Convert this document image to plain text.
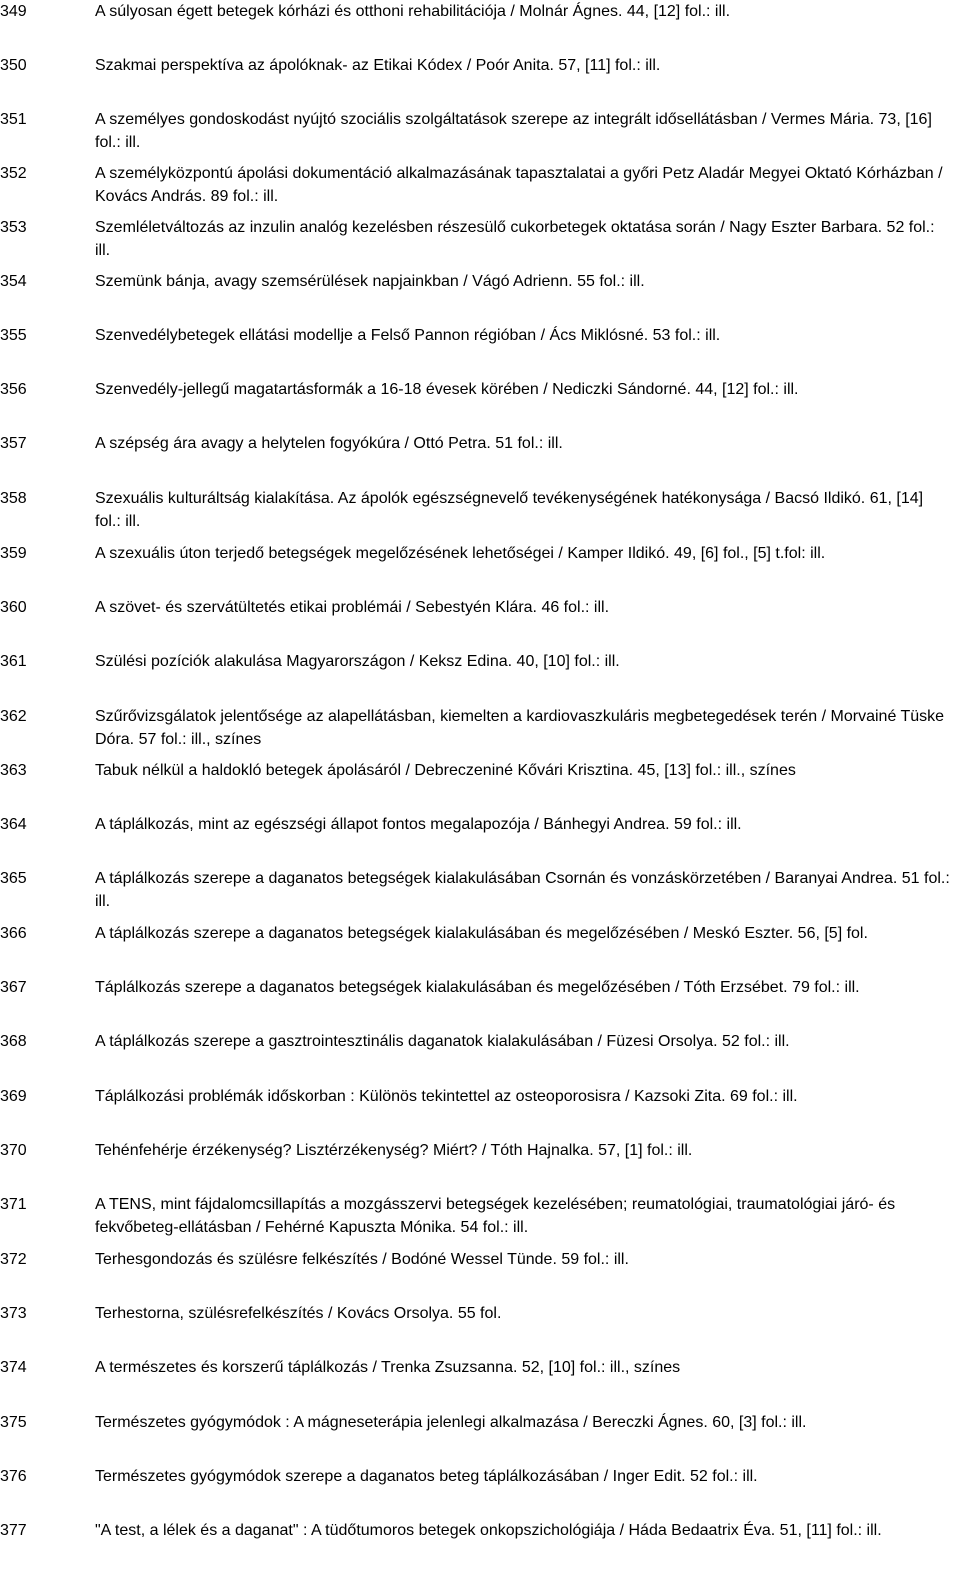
349	A súlyosan égett betegek kórházi és otthoni rehabilitációja / Molnár Ágnes. 44, [12] fol.: ill.
350	Szakmai perspektíva az ápolóknak- az Etikai Kódex / Poór Anita. 57, [11] fol.: ill.
351	A személyes gondoskodást nyújtó szociális szolgáltatások szerepe az integrált idősellátásban / Vermes Mária. 73, [16] fol.: ill.
352	A személyközpontú ápolási dokumentáció alkalmazásának tapasztalatai a győri Petz Aladár Megyei Oktató Kórházban / Kovács András. 89 fol.: ill.
353	Szemléletváltozás az inzulin analóg kezelésben részesülő cukorbetegek oktatása során / Nagy Eszter Barbara. 52 fol.: ill.
354	Szemünk bánja, avagy szemsérülések napjainkban / Vágó Adrienn. 55 fol.: ill.
355	Szenvedélybetegek ellátási modellje a Felső Pannon régióban / Ács Miklósné. 53 fol.: ill.
356	Szenvedély-jellegű magatartásformák a 16-18 évesek körében / Nediczki Sándorné. 44, [12] fol.: ill.
357	A szépség ára avagy a helytelen fogyókúra / Ottó Petra. 51 fol.: ill.
358	Szexuális kulturáltság kialakítása. Az ápolók egészségnevelő tevékenységének hatékonysága / Bacsó Ildikó. 61, [14] fol.: ill.
359	A szexuális úton terjedő betegségek megelőzésének lehetőségei / Kamper Ildikó. 49, [6] fol., [5] t.fol: ill.
360	A szövet- és szervátültetés etikai problémái / Sebestyén Klára. 46 fol.: ill.
361	Szülési pozíciók alakulása Magyarországon / Keksz Edina. 40, [10] fol.: ill.
362	Szűrővizsgálatok jelentősége az alapellátásban, kiemelten a kardiovaszkuláris megbetegedések terén / Morvainé Tüske Dóra. 57 fol.: ill., színes
363	Tabuk nélkül a haldokló betegek ápolásáról / Debreczeniné Kővári Krisztina. 45, [13] fol.: ill., színes
364	A táplálkozás, mint az egészségi állapot fontos megalapozója / Bánhegyi Andrea. 59 fol.: ill.
365	A táplálkozás szerepe a daganatos betegségek kialakulásában Csornán és vonzáskörzetében / Baranyai Andrea. 51 fol.: ill.
366	A táplálkozás szerepe a daganatos betegségek kialakulásában és megelőzésében / Meskó Eszter. 56, [5] fol.
367	Táplálkozás szerepe a daganatos betegségek kialakulásában és megelőzésében / Tóth Erzsébet. 79 fol.: ill.
368	A táplálkozás szerepe a gasztrointesztinális daganatok kialakulásában / Füzesi Orsolya. 52 fol.: ill.
369	Táplálkozási problémák időskorban : Különös tekintettel az osteoporosisra / Kazsoki Zita. 69 fol.: ill.
370	Tehénfehérje érzékenység? Lisztérzékenység? Miért? / Tóth Hajnalka. 57, [1] fol.: ill.
371	A TENS, mint fájdalomcsillapítás a mozgásszervi betegségek kezelésében; reumatológiai, traumatológiai járó- és fekvőbeteg-ellátásban / Fehérné Kapuszta Mónika. 54 fol.: ill.
372	Terhesgondozás és szülésre felkészítés / Bodóné Wessel Tünde. 59 fol.: ill.
373	Terhestorna, szülésrefelkészítés / Kovács Orsolya. 55 fol.
374	A természetes és korszerű táplálkozás / Trenka Zsuzsanna. 52, [10] fol.: ill., színes
375	Természetes gyógymódok : A mágneseterápia jelenlegi alkalmazása / Bereczki Ágnes. 60, [3] fol.: ill.
376	Természetes gyógymódok szerepe a daganatos beteg táplálkozásában / Inger Edit. 52 fol.: ill.
377	"A test, a lélek és a daganat" : A tüdőtumoros betegek onkopszichológiája / Háda Bedaatrix Éva. 51, [11] fol.: ill.
